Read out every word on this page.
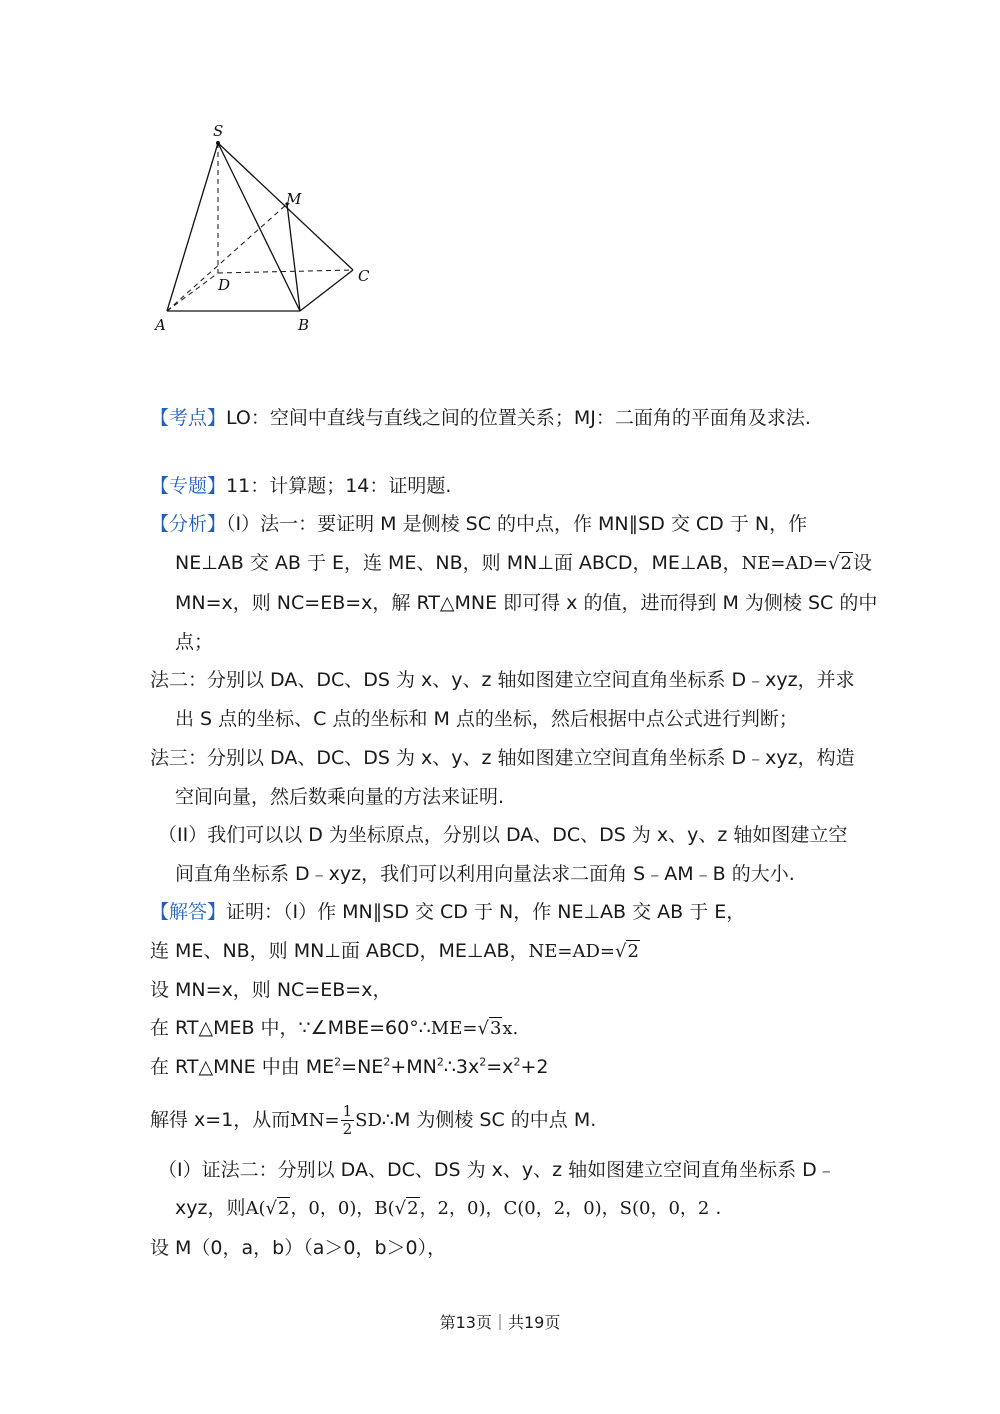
S
M
C
D
A	B
【考点】LO：空间中直线与直线之间的位置关系；MJ：二面角的平面角及求法.
【专题】11：计算题；14：证明题.
【分析】（I）法一：要证明 M 是侧棱 SC 的中点，作 MN∥SD 交 CD 于 N，作
NE⊥AB 交 AB 于 E，连 ME、NB，则 MN⊥面 ABCD，ME⊥AB，NE=AD=√2设
MN=x，则 NC=EB=x，解 RT△MNE 即可得 x 的值，进而得到 M 为侧棱 SC 的中
点；
法二：分别以 DA、DC、DS 为 x、y、z 轴如图建立空间直角坐标系 D﹣xyz，并求
出 S 点的坐标、C 点的坐标和 M 点的坐标，然后根据中点公式进行判断；
法三：分别以 DA、DC、DS 为 x、y、z 轴如图建立空间直角坐标系 D﹣xyz，构造
空间向量，然后数乘向量的方法来证明.
（II）我们可以以 D 为坐标原点，分别以 DA、DC、DS 为 x、y、z 轴如图建立空
间直角坐标系 D﹣xyz，我们可以利用向量法求二面角 S﹣AM﹣B 的大小.
【解答】证明：（I）作 MN∥SD 交 CD 于 N，作 NE⊥AB 交 AB 于 E，
连 ME、NB，则 MN⊥面 ABCD，ME⊥AB，NE=AD=√2
设 MN=x，则 NC=EB=x，
在 RT△MEB 中，∵∠MBE=60°∴ME=√3x.
在 RT△MNE 中由 $ME^2=NE^2+MN^2\therefore 3x^2=x^2+2$
解得 x=1，从而$MN= \frac{1}{2}$ SD∴M 为侧棱 SC 的中点 M.
（I）证法二：分别以 DA、DC、DS 为 x、y、z 轴如图建立空间直角坐标系 D﹣
xyz，则A(√2，0，0)，B(√2，2，0)，C(0，2，0)，S(0，0，2 .
设 M（0，a，b）（a＞0，b＞0），
第13页｜共19页
